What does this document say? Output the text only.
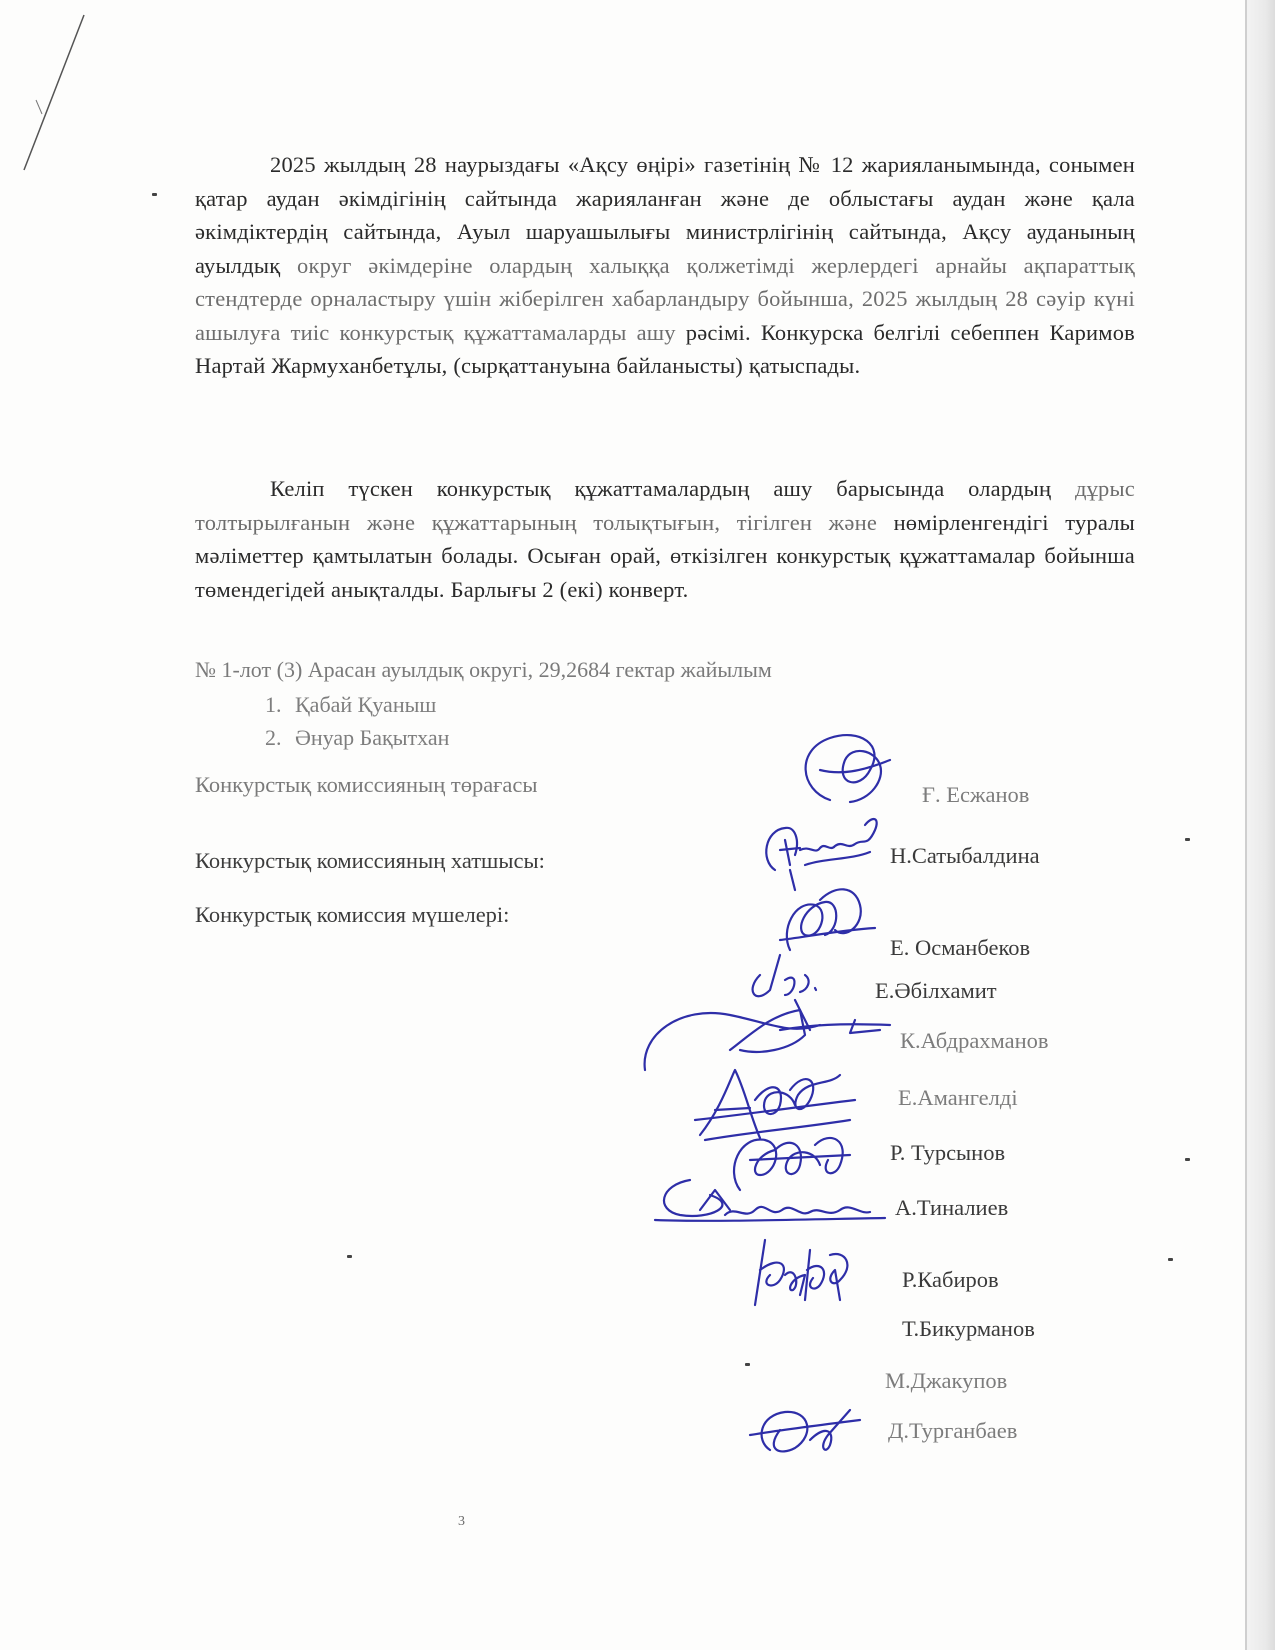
2025 жылдың 28 наурыздағы «Ақсу өңірі» газетінің № 12 жарияланымында, сонымен қатар аудан әкімдігінің сайтында жарияланған және де облыстағы аудан және қала әкімдіктердің сайтында, Ауыл шаруашылығы министрлігінің сайтында, Ақсу ауданының ауылдық округ әкімдеріне олардың халыққа қолжетімді жерлердегі арнайы ақпараттық стендтерде орналастыру үшін жіберілген хабарландыру бойынша, 2025 жылдың 28 сәуір күні ашылуға тиіс конкурстық құжаттамаларды ашу рәсімі. Конкурска белгілі себеппен Каримов Нартай Жармуханбетұлы, (сырқаттануына байланысты) қатыспады.
Келіп түскен конкурстық құжаттамалардың ашу барысында олардың дұрыс толтырылғанын және құжаттарының толықтығын, тігілген және нөмірленгендігі туралы мәліметтер қамтылатын болады. Осыған орай, өткізілген конкурстық құжаттамалар бойынша төмендегідей анықталды. Барлығы 2 (екі) конверт.
№ 1-лот (3) Арасан ауылдық округі, 29,2684 гектар жайылым
1. Қабай Қуаныш
2. Әнуар Бақытхан
Конкурстық комиссияның төрағасы
Конкурстық комиссияның хатшысы:
Конкурстық комиссия мүшелері:
Ғ. Есжанов
Н.Сатыбалдина
Е. Османбеков
Е.Әбілхамит
К.Абдрахманов
Е.Амангелді
Р. Турсынов
А.Тиналиев
Р.Кабиров
Т.Бикурманов
М.Джакупов
Д.Турганбаев
3
